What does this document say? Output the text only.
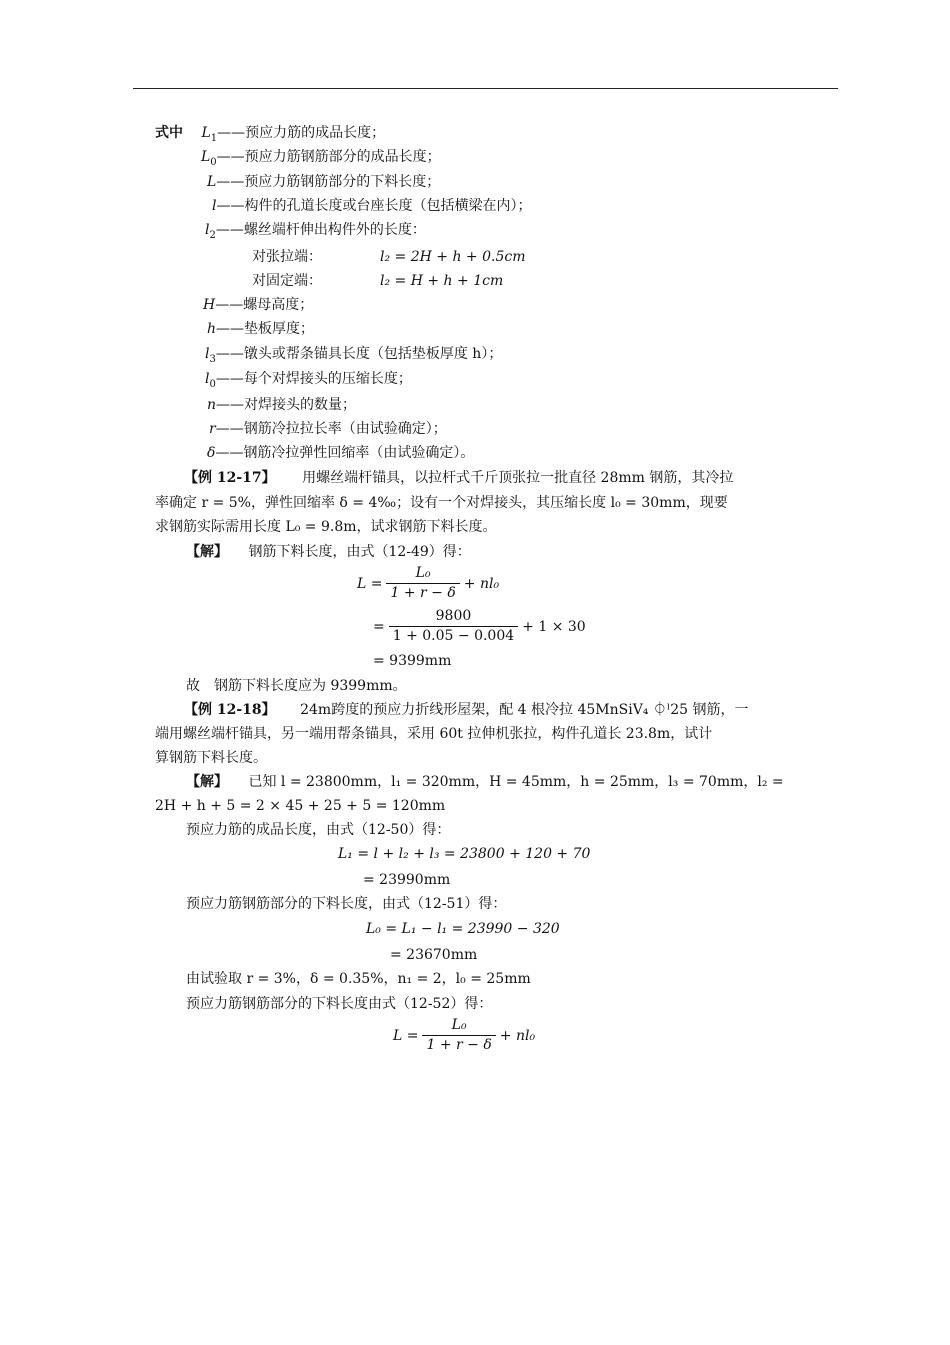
式中 $L_1——$预应力筋的成品长度；
$L_0——$预应力筋钢筋部分的成品长度；
L——预应力筋钢筋部分的下料长度；
l——构件的孔道长度或台座长度（包括横梁在内）；
$l_2——$螺丝端杆伸出构件外的长度：
对张拉端：	l₂ = 2H + h + 0.5cm
对固定端：	l₂ = H + h + 1cm
H——螺母高度；
h——垫板厚度；
$l_3——$镦头或帮条锚具长度（包括垫板厚度 h）；
$l_0——$每个对焊接头的压缩长度；
n——对焊接头的数量；
r——钢筋冷拉拉长率（由试验确定）；
δ——钢筋冷拉弹性回缩率（由试验确定）。
【例 12-17】 用螺丝端杆锚具，以拉杆式千斤顶张拉一批直径 28mm 钢筋，其冷拉
率确定 r = 5%，弹性回缩率 δ = 4‰；设有一个对焊接头，其压缩长度 l₀ = 30mm，现要
求钢筋实际需用长度 L₀ = 9.8m，试求钢筋下料长度。
【解】 钢筋下料长度，由式（12-49）得：
$L = \frac{\text{L₀}}{1 + r - \delta} + nl_0$
= $\frac{9800}{1 + 0.05 - 0.004} + 1 \times 30$
= 9399mm
故　钢筋下料长度应为 9399mm。
【例 12-18】 24m跨度的预应力折线形屋架，配 4 根冷拉 45MnSiV₄ ⏀ˡ25 钢筋，一
端用螺丝端杆锚具，另一端用帮条锚具，采用 60t 拉伸机张拉，构件孔道长 23.8m，试计
算钢筋下料长度。
【解】 已知 l = 23800mm，l₁ = 320mm，H = 45mm，h = 25mm，l₃ = 70mm，l₂ =
2H + h + 5 = 2 × 45 + 25 + 5 = 120mm
预应力筋的成品长度，由式（12-50）得：
L₁ = l + l₂ + l₃ = 23800 + 120 + 70
= 23990mm
预应力筋钢筋部分的下料长度，由式（12-51）得：
L₀ = L₁ − l₁ = 23990 − 320
= 23670mm
由试验取 r = 3%，δ = 0.35%，n₁ = 2，l₀ = 25mm
预应力筋钢筋部分的下料长度由式（12-52）得：
$L = \frac{\text{L₀}}{1 + r - \delta} + nl_0$
